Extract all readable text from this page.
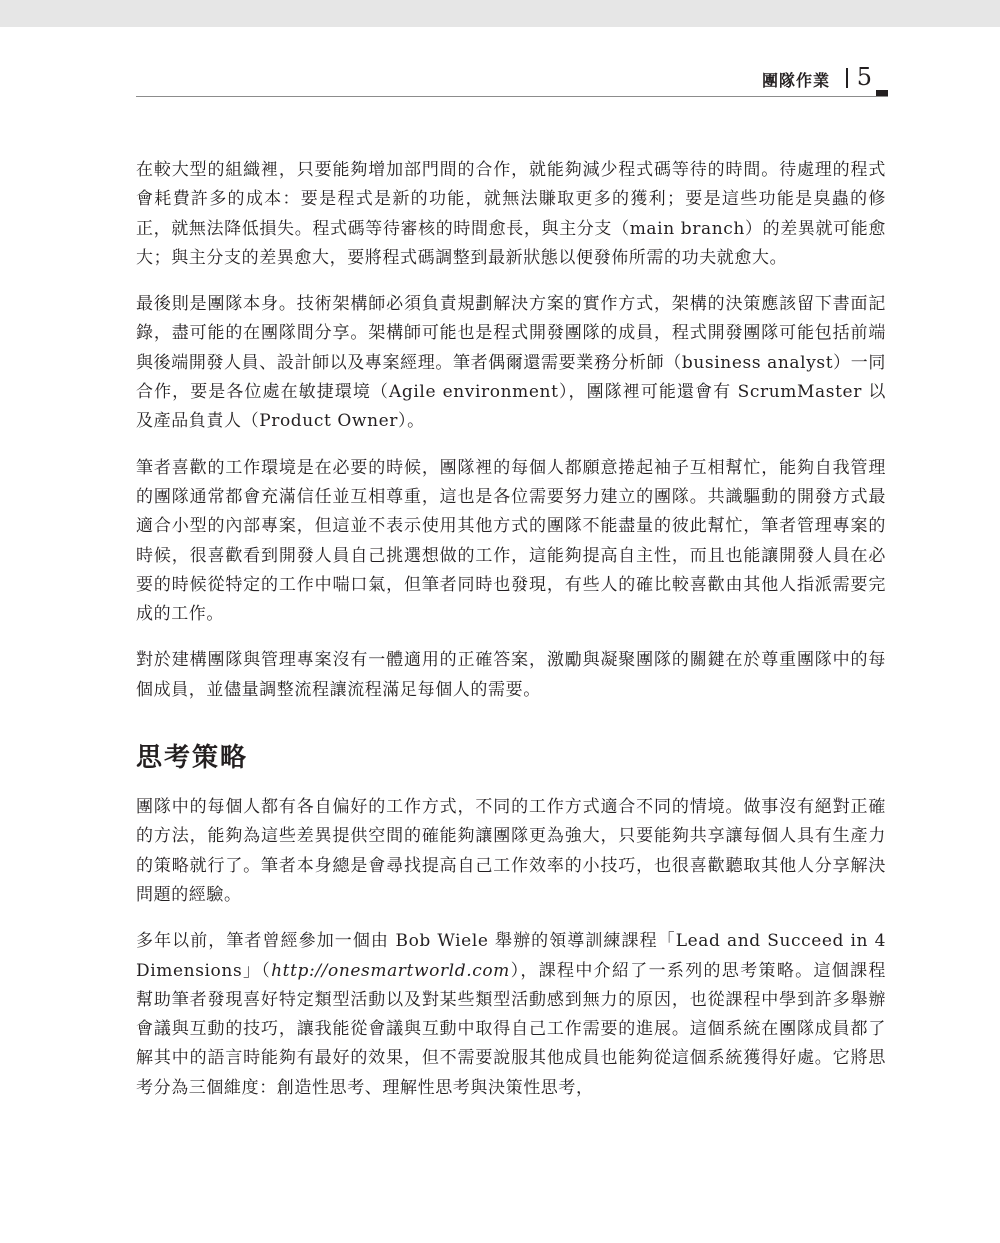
團隊作業 5

在較大型的組織裡，只要能夠增加部門間的合作，就能夠減少程式碼等待的時間。待處理的程式會耗費許多的成本：要是程式是新的功能，就無法賺取更多的獲利；要是這些功能是臭蟲的修正，就無法降低損失。程式碼等待審核的時間愈長，與主分支（main branch）的差異就可能愈大；與主分支的差異愈大，要將程式碼調整到最新狀態以便發佈所需的功夫就愈大。

最後則是團隊本身。技術架構師必須負責規劃解決方案的實作方式，架構的決策應該留下書面記錄，盡可能的在團隊間分享。架構師可能也是程式開發團隊的成員，程式開發團隊可能包括前端與後端開發人員、設計師以及專案經理。筆者偶爾還需要業務分析師（business analyst）一同合作，要是各位處在敏捷環境（Agile environment），團隊裡可能還會有 ScrumMaster 以及產品負責人（Product Owner）。

筆者喜歡的工作環境是在必要的時候，團隊裡的每個人都願意捲起袖子互相幫忙，能夠自我管理的團隊通常都會充滿信任並互相尊重，這也是各位需要努力建立的團隊。共識驅動的開發方式最適合小型的內部專案，但這並不表示使用其他方式的團隊不能盡量的彼此幫忙，筆者管理專案的時候，很喜歡看到開發人員自己挑選想做的工作，這能夠提高自主性，而且也能讓開發人員在必要的時候從特定的工作中喘口氣，但筆者同時也發現，有些人的確比較喜歡由其他人指派需要完成的工作。

對於建構團隊與管理專案沒有一體適用的正確答案，激勵與凝聚團隊的關鍵在於尊重團隊中的每個成員，並儘量調整流程讓流程滿足每個人的需要。

思考策略

團隊中的每個人都有各自偏好的工作方式，不同的工作方式適合不同的情境。做事沒有絕對正確的方法，能夠為這些差異提供空間的確能夠讓團隊更為強大，只要能夠共享讓每個人具有生產力的策略就行了。筆者本身總是會尋找提高自己工作效率的小技巧，也很喜歡聽取其他人分享解決問題的經驗。

多年以前，筆者曾經參加一個由 Bob Wiele 舉辦的領導訓練課程「Lead and Succeed in 4 Dimensions」（http://onesmartworld.com），課程中介紹了一系列的思考策略。這個課程幫助筆者發現喜好特定類型活動以及對某些類型活動感到無力的原因，也從課程中學到許多舉辦會議與互動的技巧，讓我能從會議與互動中取得自己工作需要的進展。這個系統在團隊成員都了解其中的語言時能夠有最好的效果，但不需要說服其他成員也能夠從這個系統獲得好處。它將思考分為三個維度：創造性思考、理解性思考與決策性思考，
